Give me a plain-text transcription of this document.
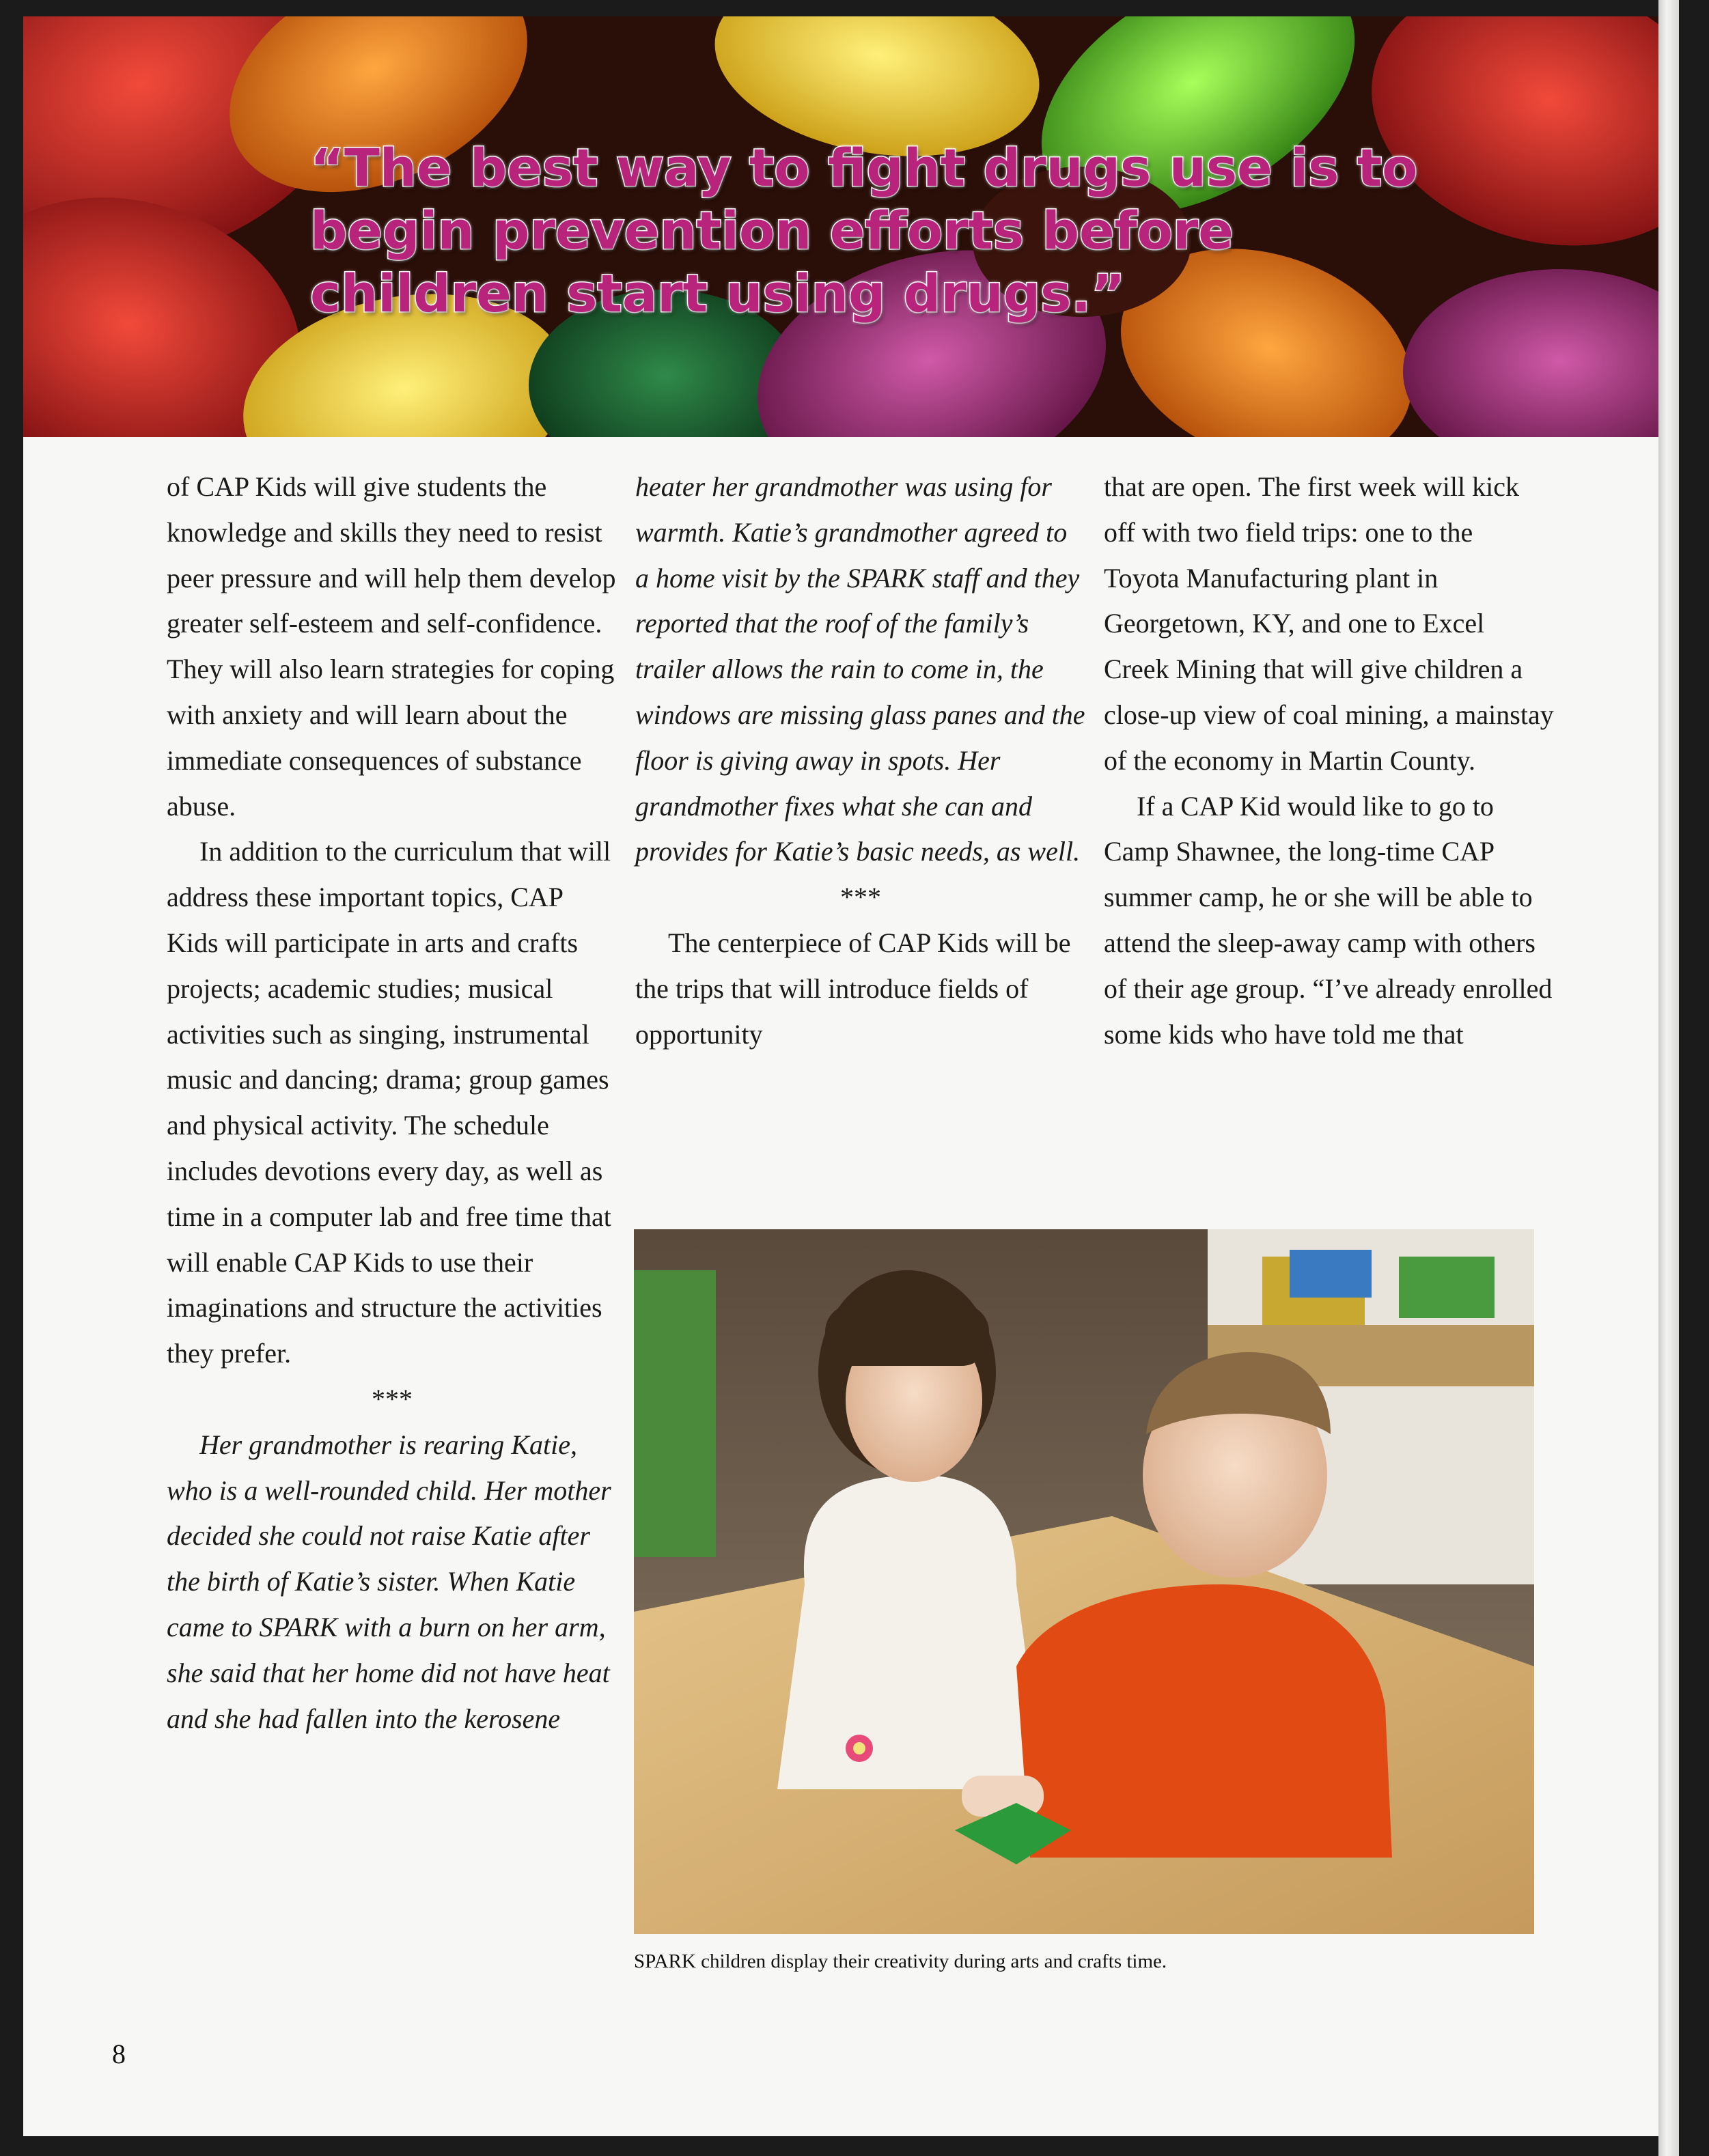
“The best way to fight drugs use is to begin prevention efforts before children start using drugs.”

of CAP Kids will give students the knowledge and skills they need to resist peer pressure and will help them develop greater self-esteem and self-confidence. They will also learn strategies for coping with anxiety and will learn about the immediate consequences of substance abuse.

In addition to the curriculum that will address these important topics, CAP Kids will participate in arts and crafts projects; academic studies; musical activities such as singing, instrumental music and dancing; drama; group games and physical activity. The schedule includes devotions every day, as well as time in a computer lab and free time that will enable CAP Kids to use their imaginations and structure the activities they prefer.

***

Her grandmother is rearing Katie, who is a well-rounded child. Her mother decided she could not raise Katie after the birth of Katie’s sister. When Katie came to SPARK with a burn on her arm, she said that her home did not have heat and she had fallen into the kerosene

heater her grandmother was using for warmth. Katie’s grandmother agreed to a home visit by the SPARK staff and they reported that the roof of the family’s trailer allows the rain to come in, the windows are missing glass panes and the floor is giving away in spots. Her grandmother fixes what she can and provides for Katie’s basic needs, as well.

***

The centerpiece of CAP Kids will be the trips that will introduce fields of opportunity

that are open. The first week will kick off with two field trips: one to the Toyota Manufacturing plant in Georgetown, KY, and one to Excel Creek Mining that will give children a close-up view of coal mining, a mainstay of the economy in Martin County.

If a CAP Kid would like to go to Camp Shawnee, the long-time CAP summer camp, he or she will be able to attend the sleep-away camp with others of their age group. “I’ve already enrolled some kids who have told me that

SPARK children display their creativity during arts and crafts time.
8
